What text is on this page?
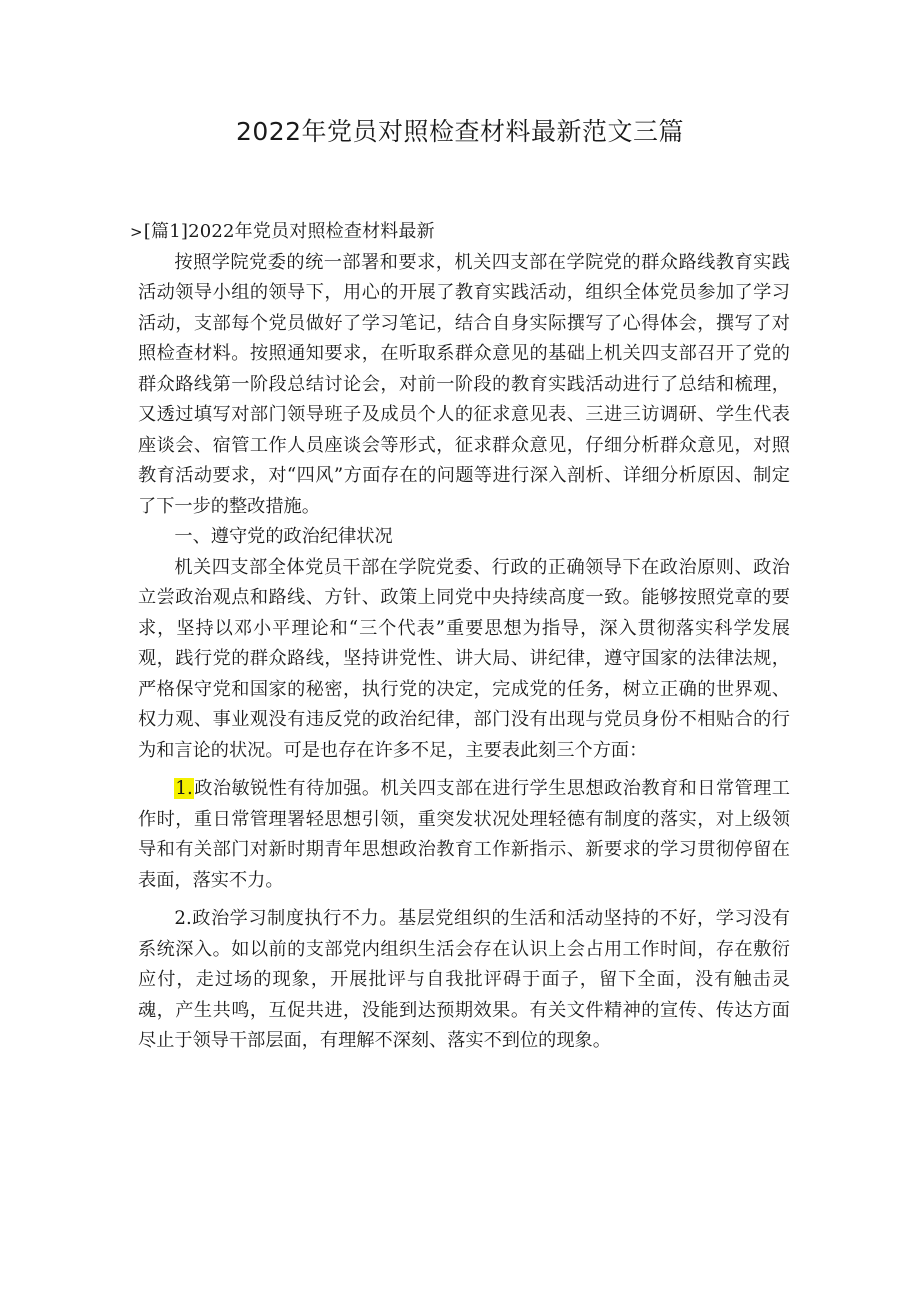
2022年党员对照检查材料最新范文三篇
>[篇1]2022年党员对照检查材料最新

按照学院党委的统一部署和要求，机关四支部在学院党的群众路线教育实践活动领导小组的领导下，用心的开展了教育实践活动，组织全体党员参加了学习活动，支部每个党员做好了学习笔记，结合自身实际撰写了心得体会，撰写了对照检查材料。按照通知要求，在听取系群众意见的基础上机关四支部召开了党的群众路线第一阶段总结讨论会，对前一阶段的教育实践活动进行了总结和梳理，又透过填写对部门领导班子及成员个人的征求意见表、三进三访调研、学生代表座谈会、宿管工作人员座谈会等形式，征求群众意见，仔细分析群众意见，对照教育活动要求，对“四风”方面存在的问题等进行深入剖析、详细分析原因、制定了下一步的整改措施。

一、遵守党的政治纪律状况

机关四支部全体党员干部在学院党委、行政的正确领导下在政治原则、政治立尝政治观点和路线、方针、政策上同党中央持续高度一致。能够按照党章的要求，坚持以邓小平理论和“三个代表”重要思想为指导，深入贯彻落实科学发展观，践行党的群众路线，坚持讲党性、讲大局、讲纪律，遵守国家的法律法规，严格保守党和国家的秘密，执行党的决定，完成党的任务，树立正确的世界观、权力观、事业观没有违反党的政治纪律，部门没有出现与党员身份不相贴合的行为和言论的状况。可是也存在许多不足，主要表此刻三个方面：

1.政治敏锐性有待加强。机关四支部在进行学生思想政治教育和日常管理工作时，重日常管理署轻思想引领，重突发状况处理轻德有制度的落实，对上级领导和有关部门对新时期青年思想政治教育工作新指示、新要求的学习贯彻停留在表面，落实不力。

2.政治学习制度执行不力。基层党组织的生活和活动坚持的不好，学习没有系统深入。如以前的支部党内组织生活会存在认识上会占用工作时间，存在敷衍应付，走过场的现象，开展批评与自我批评碍于面子，留下全面，没有触击灵魂，产生共鸣，互促共进，没能到达预期效果。有关文件精神的宣传、传达方面尽止于领导干部层面，有理解不深刻、落实不到位的现象。
